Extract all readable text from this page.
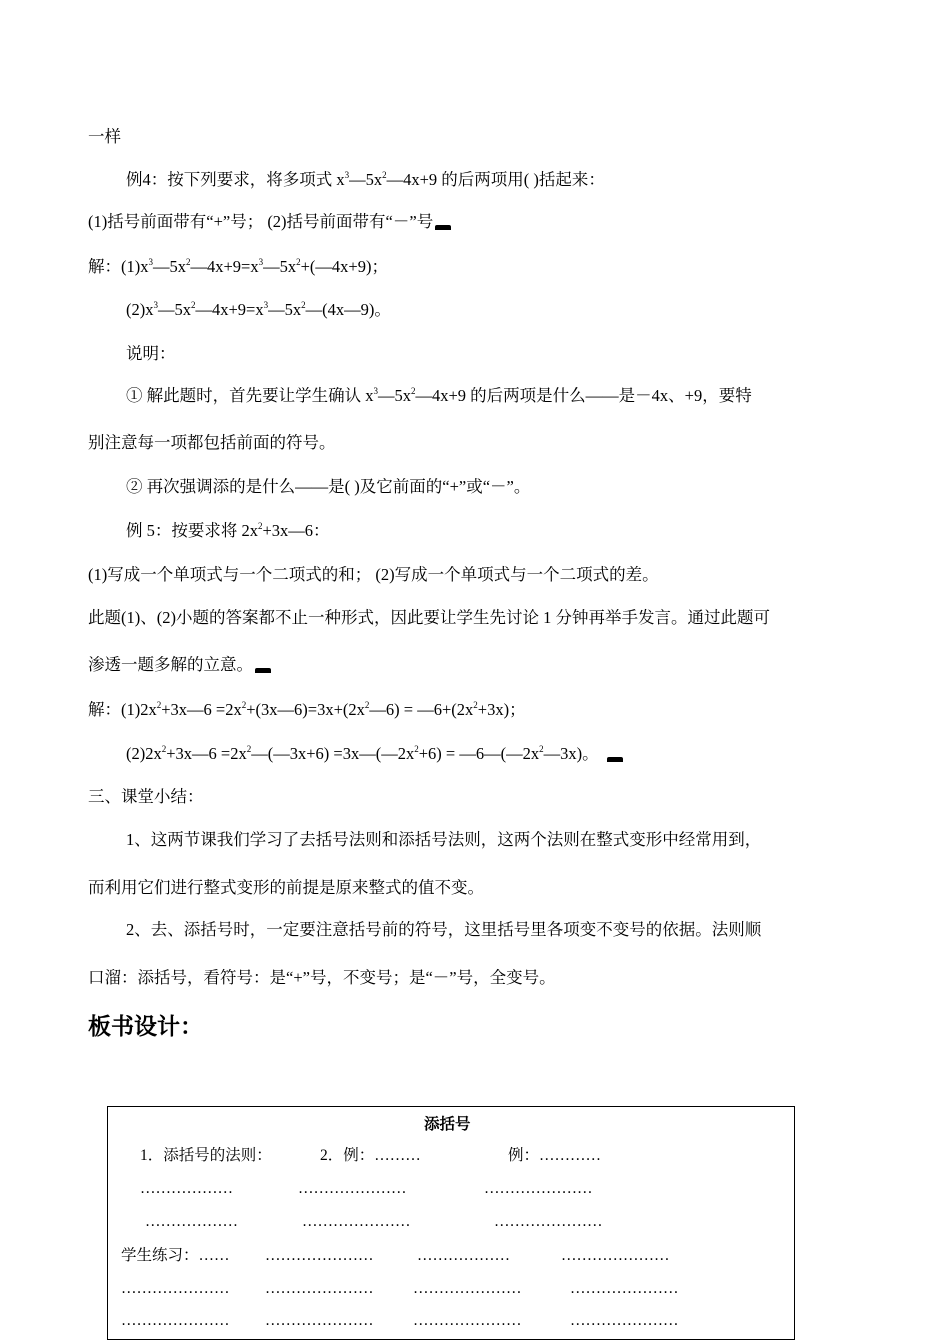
一样
例4：按下列要求，将多项式 $x^3—5x^2—4x+9$ 的后两项用( )括起来：
(1)括号前面带有“+”号； (2)括号前面带有“－”号
解：$(1)x^3—5x^2—4x+9=x^3—5x^2+(—4x+9)$；
$(2)x^3—5x^2—4x+9=x^3—5x^2—(4x—9)$。
说明：
① 解此题时，首先要让学生确认 $x^3—5x^2—4x+9$ 的后两项是什么——是－4x、+9，要特
别注意每一项都包括前面的符号。
② 再次强调添的是什么——是( )及它前面的“+”或“－”。
例 5：按要求将 $2x^2+3x—6$：
(1)写成一个单项式与一个二项式的和； (2)写成一个单项式与一个二项式的差。
此题(1)、(2)小题的答案都不止一种形式，因此要让学生先讨论 1 分钟再举手发言。通过此题可
渗透一题多解的立意。
解：$(1)2x^2+3x—6$ $=2x^2+(3x—6)=3x+(2x^2—6)$ = $—6+(2x^2+3x)$；
$(2)2x^2+3x—6$ $=2x^2—(—3x+6)$ $=3x—(—2x^2+6)$ = $—6—(—2x^2—3x)$。
三、课堂小结：
1、这两节课我们学习了去括号法则和添括号法则，这两个法则在整式变形中经常用到，
而利用它们进行整式变形的前提是原来整式的值不变。
2、去、添括号时，一定要注意括号前的符号，这里括号里各项变不变号的依据。法则顺
口溜：添括号，看符号：是“+”号，不变号；是“－”号，全变号。
板书设计：
添括号
1．添括号的法则：	2．例：………	例：…………
………………	…………………	…………………
………………	…………………	…………………
学生练习：…… …………………	………………	…………………
………………… …………………	…………………	…………………
………………… …………………	…………………	…………………
